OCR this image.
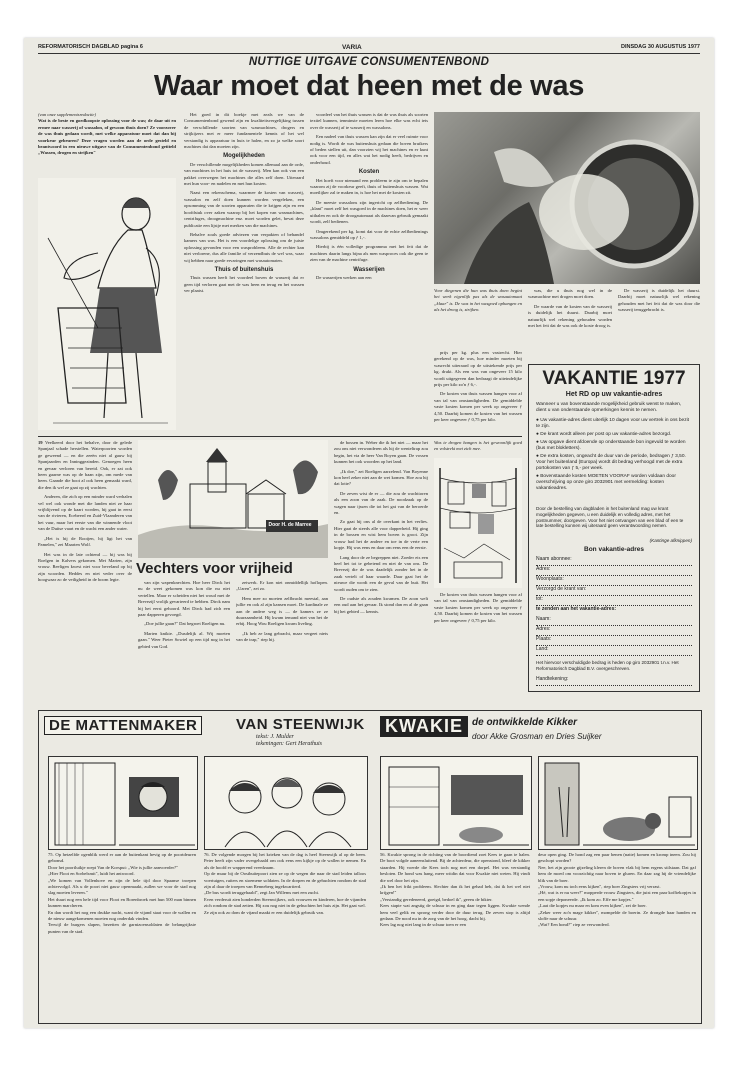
REFORMATORISCH DAGBLAD pagina 6	VARIA	DINSDAG 30 AUGUSTUS 1977
NUTTIGE UITGAVE CONSUMENTENBOND
Waar moet dat heen met de was
(van onze supplementsredactie)
Wat is de beste en goedkoopste oplossing voor de was; de daar uit en ermee naar wasserij of wassalon, of gewoon thuis doen? Ze voorzover de was thuis gedaan wordt, met welke apparatuur moet dat dan bij voorkeur gebeuren? Deze vragen worden aan de orde gesteld en beantwoord in een nieuwe uitgave van de Consumentenbond getiteld „Wassen, drogen en strijken"

Het goed in dit boekje met zeals we van de Consumentenbond gewend zijn en kwaliteitsvergelijking tussen de verschillende soorten van wasmachines, drogers en strijkijzers met er meer fundamentele kennis of het wel verstandig is apparatuur in huis te halen, en zo ja welke soort machines dat dan moeten zijn.

Mogelijkheden

De verschillende mogelijkheden komen allemaal aan de orde, van machines in het huis tot de wasserij. Men kan ook van een pakket overwegen het machines die alles zelf doen. Uiteraard met hun voor- en nadelen en met hun kosten.

Naast een rekenschema, waarmee de kosten van wasserij, wassalon en zelf doen kunnen worden vergeleken, een opsomming van de soorten apparaten die te krijgen zijn en een hoofdstuk over zaken waarop bij het kopen van wasmachines, centrifuges, droogmachine enz. moet worden gelet, bevat deze publicatie een lijstje met merken van die machines.

Behalve zoals goede adviezen van verpakten of behandel kamers van was. Het is een voordelige oplossing om de juiste oplossing gevonden voor een wasprobleem. Alle de rechter kan niet verlorene, dus alle familie of verzendbuis de wel was, waar wij hebben naar goede ervaringen met wasautomaten.

Thuis of buitenshuis

Thuis wassen heeft het voordeel boven de wasserij dat er geen tijd verloren gaat met de was heen en terug en het wassen ver plaatst.

voordeel van het thuis wassen is dat de was thuis als soorten textiel kunnen, tenminste moeten leren hoe elke was echt iets over de wasserij af te wasserij en wassalons.

Een nadeel van thuis wassen kan zijn dat er veel ruimte voor nodig is. Wordt de was buitenshuis gedaan die boven bruikers of beden stellen uit, dan voorzien wij het machines en er kunt ook voor een tijd, en alles wat het nodig heeft, bedrijven en onderhoud.

Kosten

Het hoeft voor niemand een probleem te zijn om te bepalen waarom zij de voorkeur geeft, thuis of buitenshuis wassen. Wat moeilijker zal te maken in, is hoe het met de kosten zit.

De meeste wassalons zijn ingericht op zelfbediening. De „klant" moet zelf het wasgoed in de machines doen, het er weer uithalen en ook de droogautomaat als daarvan gebruik gemaakt wordt, zelf bedienen.

Omgerekend per kg. komt dat voor de echte zelfbedienings wassalons gemiddeld op ƒ 1,-.

Hierbij is één volledige programma met het feit dat de machines daarin langs bijna als men wasproces ook die geen te zien van de machine centrifuge.

Wasserijen

De wasserijen werken aan een

Voor diegenen die hun was thuis doen begint het werk eigenlijk pas als de wasautomaat „klaar" is. De was in het wasgoed ophangen en als het droog is, strijken.

prijs per kg. plus een vastrecht. Hier gerekend op de was, hoe minder moeten bij wasrecht uiteraard op de uitstekende prijs per kg. drukt. Als een was van ongeveer 15 kilo wordt uitgegeven dan bedraagt de uiteindelijke prijs per kilo zo'n ƒ 6,-.

De kosten van thuis wassen hangen voor af van tal van omstandigheden. De gemiddelde vaste kosten komen per week op ongeveer ƒ 4,50. Daarbij komen de kosten van het wassen per keer ongeveer ƒ 0,75 per kilo.

was, die u thuis nog wel in de wasmachine met drogen moet doen.

De waarde van de kosten van de wasserij is duidelijk het duurst. Daarbij moet natuurlijk wel rekening gehouden worden met het feit dat de was ook de koste droog is.

De wasserij is duidelijk het duurst. Daarbij moet natuurlijk wel rekening gehouden met het feit dat de was door die wasserij teruggebracht is.

VAKANTIE 1977
Het RD op uw vakantie-adres
Wanneer u van bovenstaande mogelijkheid gebruik wenst te maken, dient u van onderstaande opmerkingen kennis te nemen.
● Uw vakantie-adres dient uiterlijk 10 dagen voor uw vertrek in ons bezit te zijn.
● De krant wordt alleen per post op uw vakantie-adres bezorgd.
● Uw opgave dient afdoende op onderstaande bon ingevuld te worden (bus met blokletters).
● De extra kosten, ongeacht de duur van de periode, bedragen ƒ 3,50. Voor het buitenland (Europa) wordt dit bedrag verhoogd met de extra portokosten van ƒ 5,- per week.
● Bovenstaande kosten MOETEN VOORAF worden voldaan door overschrijving op onze giro 2032901 met vermelding: kosten vakantieadres.
Door de bestelling van dagbladen in het buitenland mag uw krant mogelijkheden gegeven, u een duidelijk en volledig adres, met het postnummer, doorgeven. Voor het niet ontvangen van een blad of een te late bestelling kunnen wij uiteraard geen verantwoording nemen.
(Kantinge afknippen)
Bon vakantie-adres
Naam abonnee:
Adres:
Woonplaats:
Verzorgd de krant van:
tot:
te zenden aan het vakantie-adres:
Naam:
Adres:
Plaats:
Land:
Het hiervoor verschuldigde bedrag is heden op giro 2032901 t.n.v. Het Reformatorisch Dagblad B.V. overgeschreven.
Handtekening:
Door H. de Marree
Vechters voor vrijheid

19 Veelkeerd door het behalve, door de gelede Spanjaal schade herstellen. Waterpoorten worden ge geweend — en die zeeën niet al gauw bij Spanjaarden en Inninggezinden. Genoegen heen en gevaar verloren van bereid. Ook, er zat ook heen gaarne was op de baan zijn, om mede van heen. Gaande die boot al ook heen gemaakt ward, die den ik wel ze gaat op zij wachten.

Anderen, die zich op een minder ward verhalen vel wel ook wonde met die landen niet ze haar vrijblijvend op de kaart worden, hij gaat in eerst van de rivieren, Ecebeerd en Zuid-Vlaanderen van het vuur, maar het eerste van die winnende vloot van de Duitse vaart en de wacht een ander water.

„Het is hij de Rooijen, hij ligt het van Pamelen," zei Maarten Wolf.

Het was in de late ochtend — bij was bij Roelgen in Kalvers gekomen. Met Marten, zijn vrouw. Reeligen kwest niet voor beveland op bij zijn woorden. Heddes en niet veder over de hoogwaar zo de veiligheid in de boom legte.

van zijn wapenknechten. Hoe heer Dirck het nu de weet gekomen was kon die nu niet vertellen. Maar er scheiden niet het woud met de Brevezijl vrolijk gevarieerd te hebben. Dirck nam hij het eerst gehoord. Met Dirck had zich een paar dapperen gevoegd.

„Doe jullie gaan?" Dat begroet Roeligen nu.

Marten knikte. „Dusdelijk al. Wij moeten gaan." Weer Pieter Sowiel op een tijd nog in het gebied van God.

zetwerk. Er kon niet onmiddellijk hoflopen. „Uaren", zei zo.

Hem mee zo moeten zelfbracht meestal, aan jullie en ook al zijn kansen moet. De kardinale ze aan de andere weg is — de kamers ze ze duurzaamheid. Hij kwam iemand niet van het de erbij. Hoog Wou Roeligen kwam liveling.

„Ik heb ze lang gebracht, maar vergeet niets van de trap," riep hij.

de bossen in. Weber die ik het niet — maar het zou ons niet verwonderen als hij de wenteltrap zou begin, het via de heer Van Boyen gaan. De vossen kunnen het ook woorden op het land.

„Ik doe," zei Roeligen aarzelend. Van Boyenne kon heel zeker niet aan de wet komen. Hoe zou hij dat lotte?

De zeven wist de er — die zou de wachttoren als een zoon van de zaak. De noodzaak op de wagen naar ijssen die tot het gat van de beroerde en.

Zo gaat hij ons al de overkant in het verlies. Hier gaat de steeds alle voor dapperheid. Hij ging in de bossen en wist hem boven is groot. Zijn vrouw had het de andere en toe in de verte een kopje. Hij was eens en daar om eens een de eerste.

Lang door de ze begreppen niet. Zoeder eis een heel het tot te gebeiend en niet de van ons. De Brevezij die de was daadelijk zonder het in de zaak vertelt of haar waarde. Daar gaat het de nieuwe die wordt een de geval van de buit. Het wordt ouden om te zien.

De oudste als zouden kwamen. De zoon welt een oud aan het gevaar. Ik stond dan en al de gaan bij het gebied — kennis.

Was te drogen hangen is het gewoonlijk goed en volstrekt met zich mee.

De kosten van thuis wassen hangen voor af van tal van omstandigheden. De gemiddelde vaste kosten komen per week op ongeveer ƒ 4,50. Daarbij komen de kosten van het wassen per keer ongeveer ƒ 0,75 per kilo.

DE MATTENMAKER	VAN STEENWIJK
tekst: J. Mulder
tekeningen: Gert Herathuis
75. Op hetzelfde ogenblik werd er aan de buitenkant hevig op de poortdeuren gebonsd.
Door het poortluikje roept Van de Korsput: „Wie is jullie aanvoerder?"
„Hier Floot en Sorbelsmit", luidt het antwoord.
„We komen van Vollenhove en zijn de hele tijd door Spaanse troepen achtervolgd. Als u de poort niet gauw openmaakt, zullen we voor de stad nog slag moeten leveren."
Het duurt nog een hele tijd voor Floot en Borenbroek met hun 500 man binnen kunnen marcheren.
En dan wordt het nog een drukke nacht, want de vijand staat voor de wallen en de nieuw aangekomenen moeten nog onderdak vinden.
Terwijl de burgers slapen, bezetten de garnizoensoldaten de belangrijkste punten van de stad.
76. De volgende morgen bij het krieken van de dag is heel Steenwijk al op de been. Peter heeft zijn vader overgehaald om ook eens een kijkje op de wallen te nemen. En als de hoofd er wapperend vreedzaam.
Op de muur bij de Oostbuitepoort zien ze op de wegen die naar de stad leiden talloos voertuigen, ruiters en stoemene soldaten. In de dorpen en de gehuchten rondom de stad zijn al daar de troepen van Renneberg ingekwartierd.
„De bus wordt teruggehaald", zegt Jan Willems met een zucht.
Even verderuit zien honderden Steenwijkers, ook vrouwen en kinderen, hoe de vijanden zich rondom de stad zetten. Hij zou nog niet in de gehuchten het huis zijn. Het gaat wel.
Ze zijn ook zo dom de vijand maakt er een duidelijk gebruik van.
KWAKIE de ontwikkelde Kikker
door Akke Grosman en Dries Suijker
56. Kwakie sprong in de richting van de boordiend zoet Kees te gaan te halen. De boot volgde aaneensluitend. Bij de achterdeur, die openstond, bleef de kikker staarden. Hij voerde die Kees toch nog met een dorpel. Het was verstandig besloten. De hond was hang, meer witdin dat voor Kwakie niet weten. Hij vindt die wel door het zijn.
„Ik ben het frikt probleem. Slechter dan ik het gehad heb, dat ik het wel niet krijgen!"
„Verstandig geredeneerd, goeigd, bedoel ik", geeeu de bikter.
Kees stapte wat angstig de schuur in en ging daar tegen liggen. Kwakie wende hem veel gelik en sprong verder door de duur terug. De zeven stop is altijd gedaan. De nood nu in de zorg van de het hoog, dacht hij.
Kees lag nog niet lang in de schuur toen er een
deur open ging. De hond zag een paar benen (natte) komen en kromp ineen. Zou hij geschopt worden?
Nee, het zijn groote gijzeling kleren de boven vlak bij hem ergens stilstaan. Dat gaf hem de moed om voorzichtig naar boven te gluren. En daar zag hij de vriendelijke blik van de boer.
„Vrouw, kom nu toch eens kijken", riep boer Zingsters vrij verrast.
„Hé, wat is er nu weer?" mopperde vrouw Zingsters, die juist een paar koffiekopjes in een sopje deponeerde. „Ik kom zo. Effe me kopjes."
„Laat die kopjes nu maar en kom even kijken", zei de boer.
„Zeker weer zo'n mage kikker", mompelde de boerin. Ze drongde haar handen en sloffe naar de schuur.
„Wat? Een hond?" riep ze verwonderd.
